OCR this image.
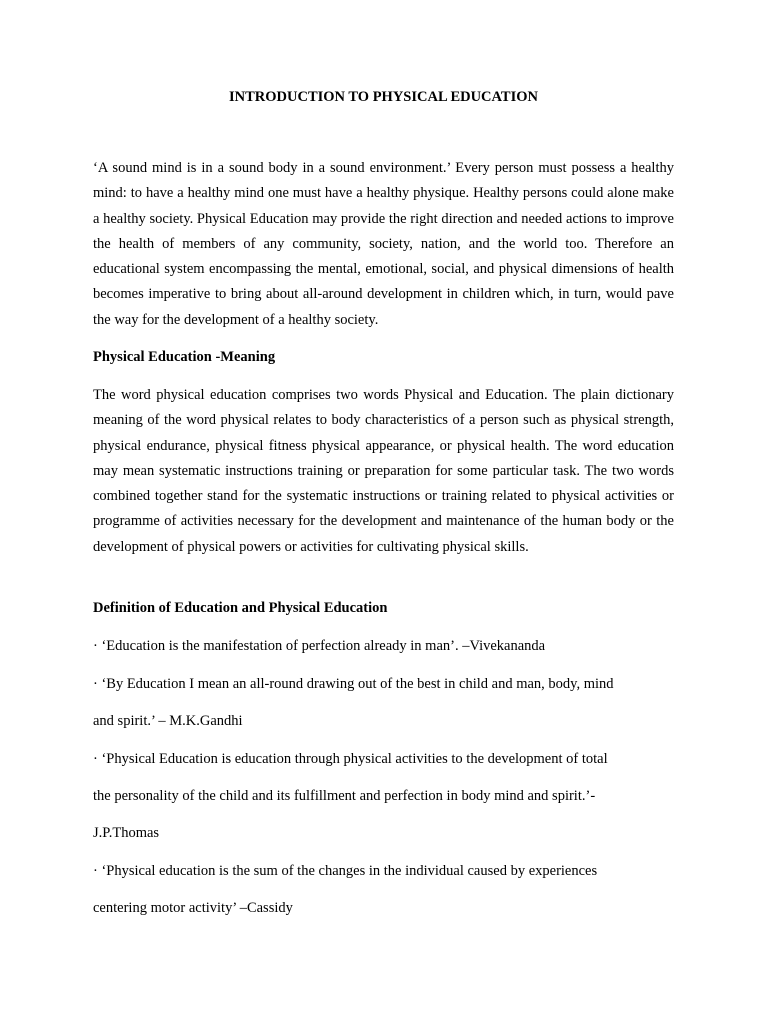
INTRODUCTION TO PHYSICAL EDUCATION

‘A sound mind is in a sound body in a sound environment.’ Every person must possess a healthy mind: to have a healthy mind one must have a healthy physique. Healthy persons could alone make a healthy society. Physical Education may provide the right direction and needed actions to improve the health of members of any community, society, nation, and the world too. Therefore an educational system encompassing the mental, emotional, social, and physical dimensions of health becomes imperative to bring about all-around development in children which, in turn, would pave the way for the development of a healthy society.

Physical Education -Meaning

The word physical education comprises two words Physical and Education. The plain dictionary meaning of the word physical relates to body characteristics of a person such as physical strength, physical endurance, physical fitness physical appearance, or physical health. The word education may mean systematic instructions training or preparation for some particular task. The two words combined together stand for the systematic instructions or training related to physical activities or programme of activities necessary for the development and maintenance of the human body or the development of physical powers or activities for cultivating physical skills.

Definition of Education and Physical Education

· ‘Education is the manifestation of perfection already in man’. –Vivekananda

· ‘By Education I mean an all-round drawing out of the best in child and man, body, mind

and spirit.’ – M.K.Gandhi

· ‘Physical Education is education through physical activities to the development of total

the personality of the child and its fulfillment and perfection in body mind and spirit.’-

J.P.Thomas

· ‘Physical education is the sum of the changes in the individual caused by experiences

centering motor activity’ –Cassidy
